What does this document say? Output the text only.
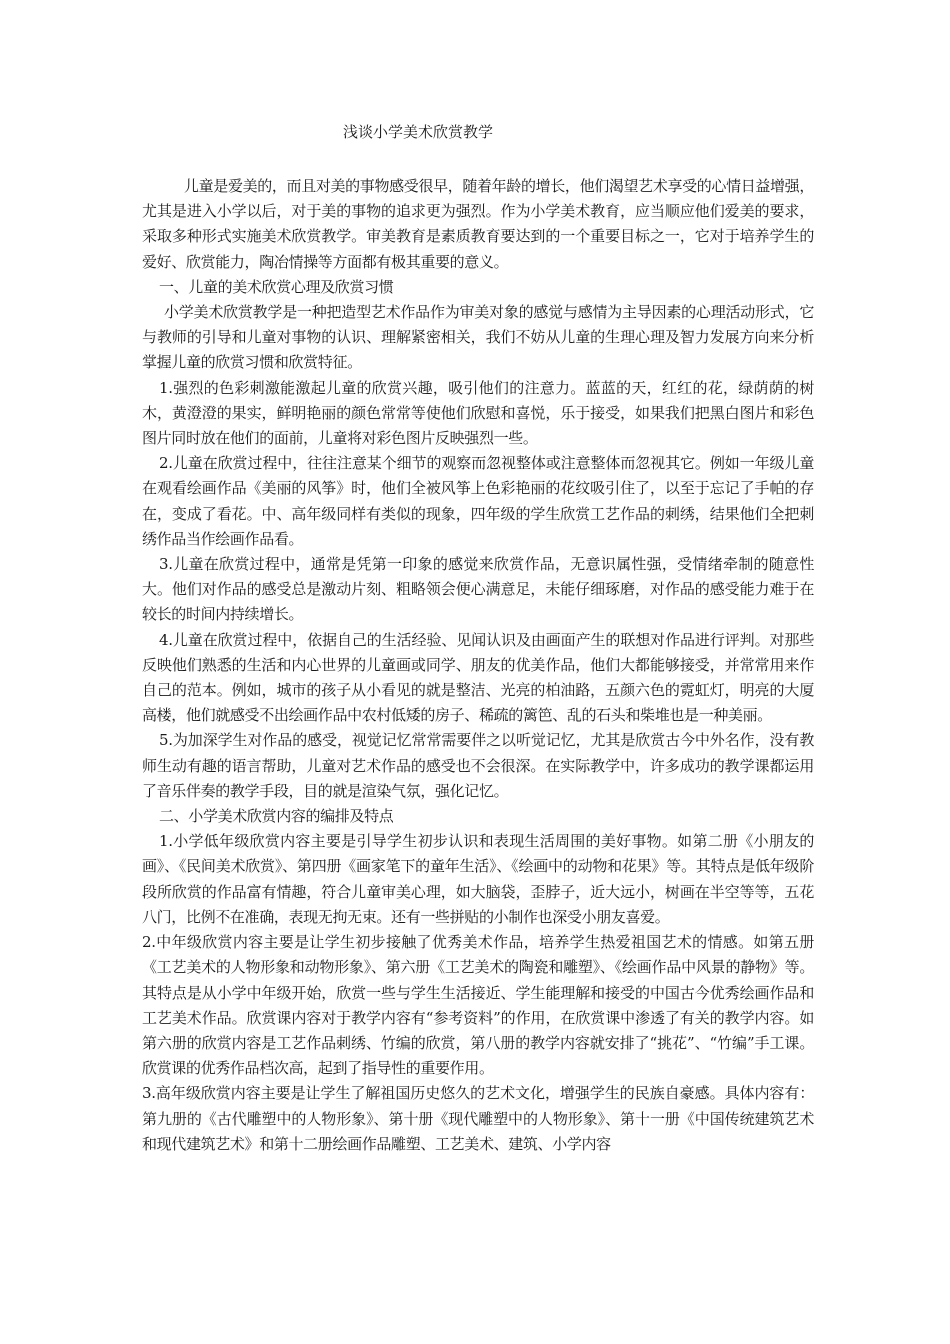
浅谈小学美术欣赏教学

儿童是爱美的，而且对美的事物感受很早，随着年龄的增长，他们渴望艺术享受的心情日益增强，尤其是进入小学以后，对于美的事物的追求更为强烈。作为小学美术教育，应当顺应他们爱美的要求，采取多种形式实施美术欣赏教学。审美教育是素质教育要达到的一个重要目标之一，它对于培养学生的爱好、欣赏能力，陶冶情操等方面都有极其重要的意义。

一、儿童的美术欣赏心理及欣赏习惯

小学美术欣赏教学是一种把造型艺术作品作为审美对象的感觉与感情为主导因素的心理活动形式，它与教师的引导和儿童对事物的认识、理解紧密相关，我们不妨从儿童的生理心理及智力发展方向来分析掌握儿童的欣赏习惯和欣赏特征。

1.强烈的色彩刺激能激起儿童的欣赏兴趣，吸引他们的注意力。蓝蓝的天，红红的花，绿荫荫的树木，黄澄澄的果实，鲜明艳丽的颜色常常等使他们欣慰和喜悦，乐于接受，如果我们把黑白图片和彩色图片同时放在他们的面前，儿童将对彩色图片反映强烈一些。

2.儿童在欣赏过程中，往往注意某个细节的观察而忽视整体或注意整体而忽视其它。例如一年级儿童在观看绘画作品《美丽的风筝》时，他们全被风筝上色彩艳丽的花纹吸引住了，以至于忘记了手帕的存在，变成了看花。中、高年级同样有类似的现象，四年级的学生欣赏工艺作品的刺绣，结果他们全把刺绣作品当作绘画作品看。

3.儿童在欣赏过程中，通常是凭第一印象的感觉来欣赏作品，无意识属性强，受情绪牵制的随意性大。他们对作品的感受总是激动片刻、粗略领会便心满意足，未能仔细琢磨，对作品的感受能力难于在较长的时间内持续增长。

4.儿童在欣赏过程中，依据自己的生活经验、见闻认识及由画面产生的联想对作品进行评判。对那些反映他们熟悉的生活和内心世界的儿童画或同学、朋友的优美作品，他们大都能够接受，并常常用来作自己的范本。例如，城市的孩子从小看见的就是整洁、光亮的柏油路，五颜六色的霓虹灯，明亮的大厦高楼，他们就感受不出绘画作品中农村低矮的房子、稀疏的篱笆、乱的石头和柴堆也是一种美丽。

5.为加深学生对作品的感受，视觉记忆常常需要伴之以听觉记忆，尤其是欣赏古今中外名作，没有教师生动有趣的语言帮助，儿童对艺术作品的感受也不会很深。在实际教学中，许多成功的教学课都运用了音乐伴奏的教学手段，目的就是渲染气氛，强化记忆。

二、小学美术欣赏内容的编排及特点

1.小学低年级欣赏内容主要是引导学生初步认识和表现生活周围的美好事物。如第二册《小朋友的画》、《民间美术欣赏》、第四册《画家笔下的童年生活》、《绘画中的动物和花果》等。其特点是低年级阶段所欣赏的作品富有情趣，符合儿童审美心理，如大脑袋，歪脖子，近大远小，树画在半空等等，五花八门，比例不在准确，表现无拘无束。还有一些拼贴的小制作也深受小朋友喜爱。

2.中年级欣赏内容主要是让学生初步接触了优秀美术作品，培养学生热爱祖国艺术的情感。如第五册《工艺美术的人物形象和动物形象》、第六册《工艺美术的陶瓷和雕塑》、《绘画作品中风景的静物》等。其特点是从小学中年级开始，欣赏一些与学生生活接近、学生能理解和接受的中国古今优秀绘画作品和工艺美术作品。欣赏课内容对于教学内容有“参考资料”的作用，在欣赏课中渗透了有关的教学内容。如第六册的欣赏内容是工艺作品刺绣、竹编的欣赏，第八册的教学内容就安排了“挑花”、“竹编”手工课。欣赏课的优秀作品档次高，起到了指导性的重要作用。

3.高年级欣赏内容主要是让学生了解祖国历史悠久的艺术文化，增强学生的民族自豪感。具体内容有：第九册的《古代雕塑中的人物形象》、第十册《现代雕塑中的人物形象》、第十一册《中国传统建筑艺术和现代建筑艺术》和第十二册绘画作品雕塑、工艺美术、建筑、小学内容
